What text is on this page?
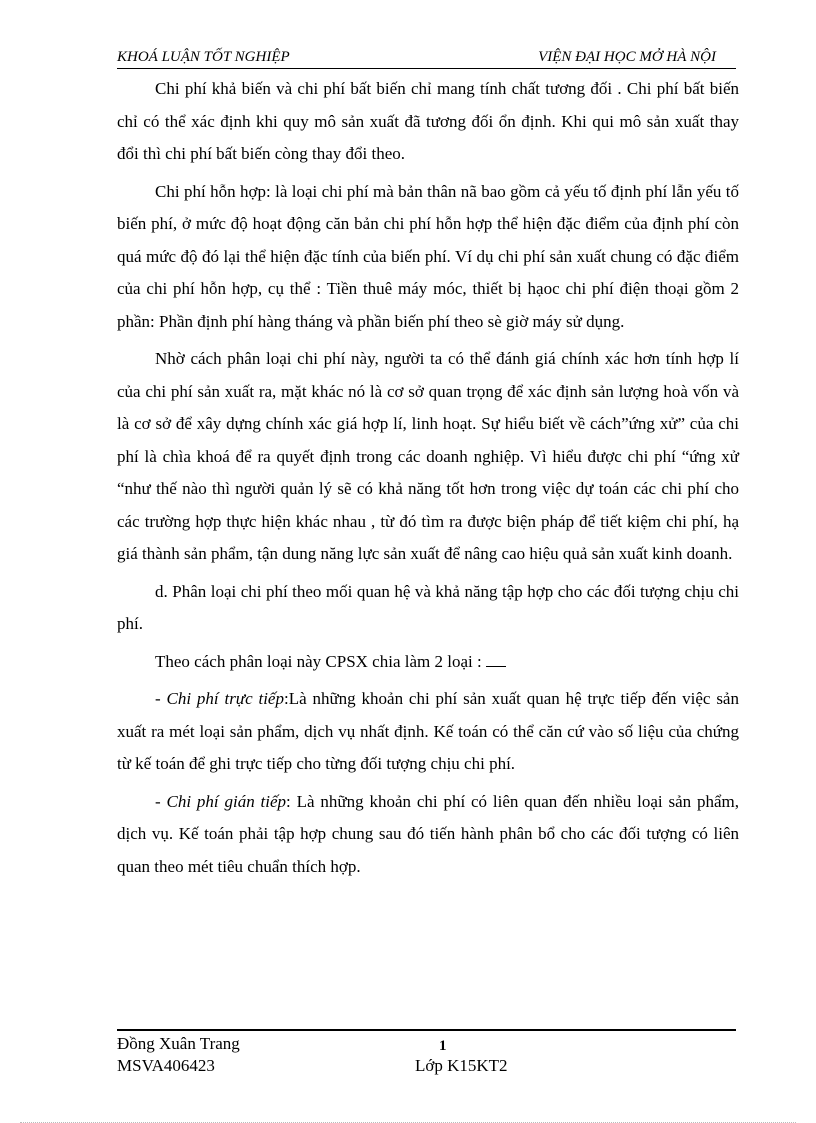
KHOÁ LUẬN TỐT NGHIỆP	VIỆN ĐẠI HỌC MỞ HÀ NỘI

Chi phí khả biến và chi phí bất biến chỉ mang tính chất tương đối . Chi phí bất biến chỉ có thể xác định khi quy mô sản xuất đã tương đối ổn định. Khi qui mô sản xuất thay đổi thì chi phí bất biến còng thay đổi theo.

Chi phí hỗn hợp: là loại chi phí mà bản thân nã bao gồm cả yếu tố định phí lẫn yếu tố biến phí, ở mức độ hoạt động căn bản chi phí hỗn hợp thể hiện đặc điểm của định phí còn quá mức độ đó lại thể hiện đặc tính của biến phí. Ví dụ chi phí sản xuất chung có đặc điểm của chi phí hỗn hợp, cụ thể : Tiền thuê máy móc, thiết bị hạoc chi phí điện thoại gồm 2 phần: Phần định phí hàng tháng và phần biến phí theo sè giờ máy sử dụng.

Nhờ cách phân loại chi phí này, người ta có thể đánh giá chính xác hơn tính hợp lí của chi phí sản xuất ra, mặt khác nó là cơ sở quan trọng để xác định sản lượng hoà vốn và là cơ sở để xây dựng chính xác giá hợp lí, linh hoạt. Sự hiểu biết về cách”ứng xử” của chi phí là chìa khoá để ra quyết định trong các doanh nghiệp. Vì hiểu được chi phí “ứng xử “như thế nào thì người quản lý sẽ có khả năng tốt hơn trong việc dự toán các chi phí cho các trường hợp thực hiện khác nhau , từ đó tìm ra được biện pháp để tiết kiệm chi phí, hạ giá thành sản phẩm, tận dung năng lực sản xuất để nâng cao hiệu quả sản xuất kinh doanh.

d. Phân loại chi phí theo mối quan hệ và khả năng tập hợp cho các đối tượng chịu chi phí.

Theo cách phân loại này CPSX chia làm 2 loại :

- Chi phí trực tiếp:Là những khoản chi phí sản xuất quan hệ trực tiếp đến việc sản xuất ra mét loại sản phẩm, dịch vụ nhất định. Kế toán có thể căn cứ vào số liệu của chứng từ kế toán để ghi trực tiếp cho từng đối tượng chịu chi phí.

- Chi phí gián tiếp: Là những khoản chi phí có liên quan đến nhiều loại sản phẩm, dịch vụ. Kế toán phải tập hợp chung sau đó tiến hành phân bổ cho các đối tượng có liên quan theo mét tiêu chuẩn thích hợp.

Đồng Xuân Trang
MSVA406423
1
Lớp K15KT2
